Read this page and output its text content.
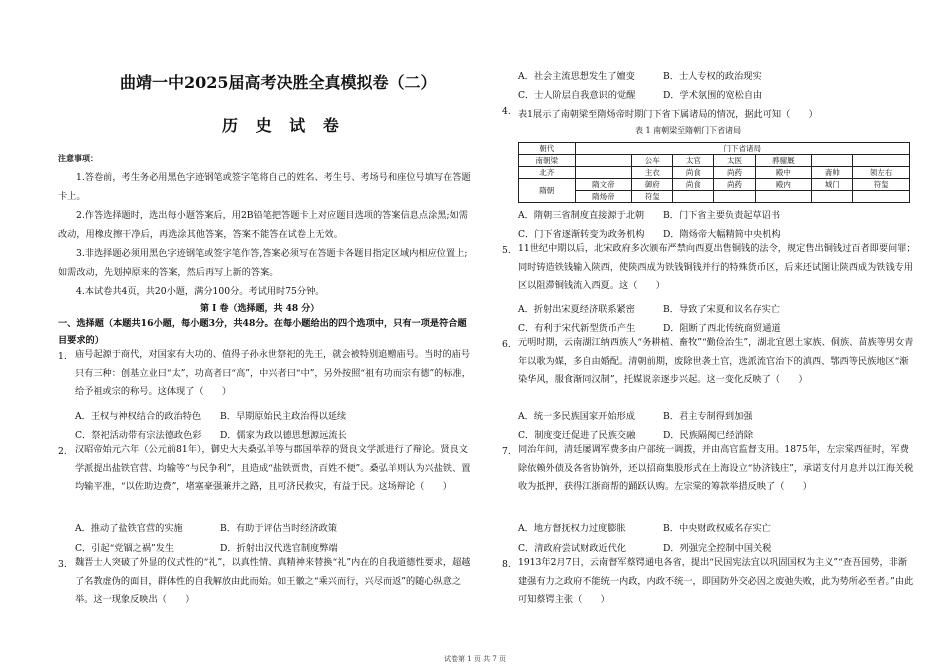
曲靖一中2025届高考决胜全真模拟卷（二）
历 史 试 卷
注意事项：
1.答卷前，考生务必用黑色字迹钢笔或签字笔将自己的姓名、考生号、考场号和座位号填写在答题卡上。
2.作答选择题时，选出每小题答案后，用2B铅笔把答题卡上对应题目选项的答案信息点涂黑;如需改动，用橡皮擦干净后，再选涂其他答案，答案不能答在试卷上无效。
3.非选择题必须用黑色字迹钢笔或签字笔作答,答案必须写在答题卡各题目指定区域内相应位置上;如需改动，先划掉原来的答案，然后再写上新的答案。
4.本试卷共4页，共20小题，满分100分。考试用时75分钟。
第 I 卷（选择题，共 48 分）
一、选择题（本题共16小题，每小题3分，共48分。在每小题给出的四个选项中，只有一项是符合题目要求的）
1. 庙号起源于商代，对国家有大功的、值得子孙永世祭祀的先王，就会被特别追赠庙号。当时的庙号只有三种：创基立业曰“太”，功高者曰“高”，中兴者曰“中”，另外按照“祖有功而宗有德”的标准，给予祖或宗的称号。这体现了（　　）
A．王权与神权结合的政治特色 B．早期原始民主政治得以延续
C．祭祀活动带有宗法德政色彩 D．儒家为政以德思想源远流长
2. 汉昭帝始元六年（公元前81年），御史大夫桑弘羊等与郡国举荐的贤良文学派进行了辩论。贤良文学派提出盐铁官营、均输等“与民争利”，且造成“盐铁贾贵，百姓不便”。桑弘羊则认为兴盐铁、置均输平准，“以佐助边费”，堵塞豪强兼并之路，且可济民救灾，有益于民。这场辩论（　　）
A．推动了盐铁官营的实施	B．有助于评估当时经济政策
C．引起“党锢之祸”发生	D．折射出汉代选官制度弊端
3. 魏晋士人突破了外显的仪式性的“礼”，以真性情、真精神来替换“礼”内在的自我道德性要求，超越了名教虚伪的面目，群体性的自我解放由此而始。如王徽之“乘兴而行，兴尽而返”的随心纵意之举。这一现象反映出（　　）
A．社会主流思想发生了嬗变	B．士人专权的政治现实
C．士人阶层自我意识的觉醒	D．学术氛围的宽松自由
4. 表1展示了南朝梁至隋炀帝时期门下省下属诸局的情况，据此可知（　　）
表 1 南朝梁至隋朝门下省诸局
朝代	门下省诸局						
南朝梁		公车	太官	太医	骅骝厩		
北齐		主衣	尚食	尚药	殿中	斋帅	领左右
隋朝	隋文帝	御府	尚食	尚药	殿内	城门	符玺
	隋炀帝	符玺					
A．隋朝三省制度直接源于北朝 B．门下省主要负责起草诏书
C．门下省逐渐转变为政务机构 D．隋炀帝大幅精简中央机构
5. 11世纪中期以后，北宋政府多次颁布严禁向西夏出售铜钱的法令，规定售出铜钱过百者即要问罪；同时铸造铁钱输入陕西，使陕西成为铁钱铜钱并行的特殊货币区，后来还试图让陕西成为铁钱专用区以阻滞铜钱流入西夏。这（　　）
A．折射出宋夏经济联系紧密	B．导致了宋夏和议名存实亡
C．有利于宋代新型货币产生	D．阻断了西北传统商贸通道
6. 元明时期，云南湖江纳西族人“务耕植、畜牧”“勤俭治生”，湖北宜恩土家族、侗族、苗族等男女青年以歌为媒，多自由婚配。清朝前期，废除世袭土官，选派流官治下的滇西、鄂西等民族地区“渐染华风，服食渐同汉制”，托媒说亲逐步兴起。这一变化反映了（　　）
A．统一多民族国家开始形成	B．君主专制得到加强
C．制度变迁促进了民族交融	D．民族隔阂已经消除
7. 同治年间，清廷屡调军费多由户部统一调拨，并由高官监督支用。1875年，左宗棠西征时，军费除依赖外债及各省协饷外，还以招商集股形式在上海设立“协济钱庄”，承诺支付月息并以江海关税收为抵押，获得江浙商帮的踊跃认购。左宗棠的筹款举措反映了（　　）
A．地方督抚权力过度膨胀	B．中央财政权威名存实亡
C．清政府尝试财政近代化	D．列强完全控制中国关税
8. 1913年2月7日，云南督军蔡锷通电各省，提出“民国宪法宜以巩固国权为主义”“查吾国势，非渐建强有力之政府不能统一内政，内政不统一，即国防外交必因之废弛失败，此为势所必至者。”由此可知蔡锷主张（　　）
试卷第 1 页 共 7 页
